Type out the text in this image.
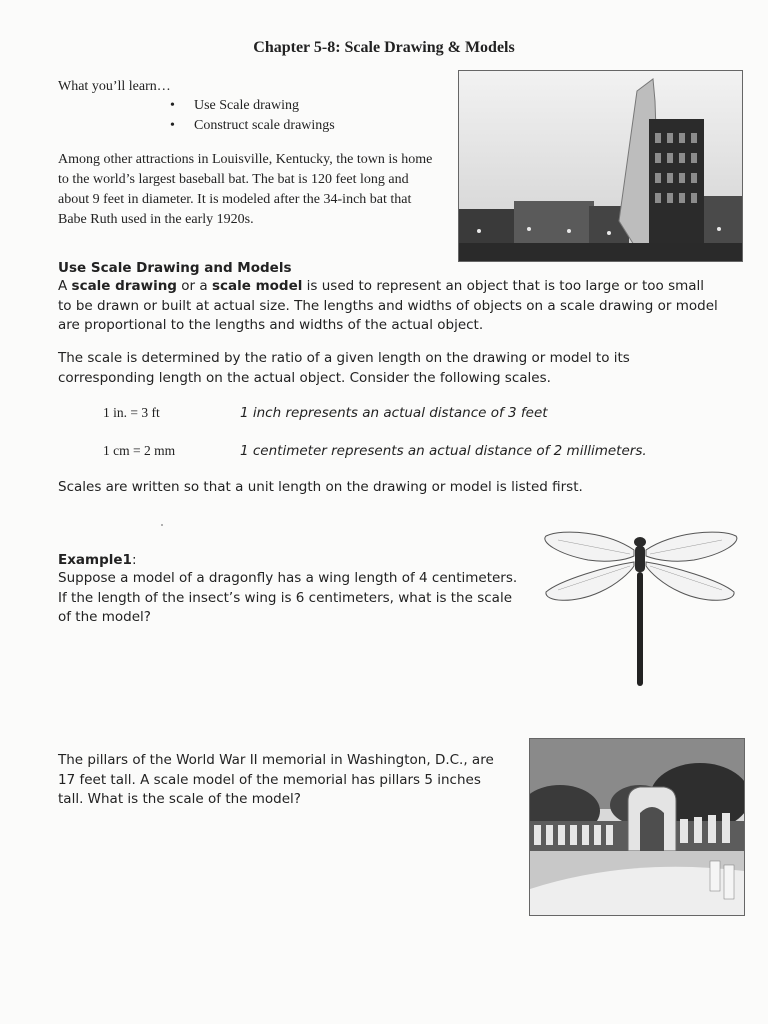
Chapter 5-8: Scale Drawing & Models
What you’ll learn…
• Use Scale drawing
• Construct scale drawings

Among other attractions in Louisville, Kentucky, the town is home to the world’s largest baseball bat. The bat is 120 feet long and about 9 feet in diameter. It is modeled after the 34-inch bat that Babe Ruth used in the early 1920s.

Use Scale Drawing and Models

A scale drawing or a scale model is used to represent an object that is too large or too small to be drawn or built at actual size. The lengths and widths of objects on a scale drawing or model are proportional to the lengths and widths of the actual object.

The scale is determined by the ratio of a given length on the drawing or model to its corresponding length on the actual object. Consider the following scales.

1 in. = 3 ft	1 inch represents an actual distance of 3 feet
1 cm = 2 mm	1 centimeter represents an actual distance of 2 millimeters.
Scales are written so that a unit length on the drawing or model is listed first.
Example1:

Suppose a model of a dragonfly has a wing length of 4 centimeters. If the length of the insect’s wing is 6 centimeters, what is the scale of the model?

The pillars of the World War II memorial in Washington, D.C., are 17 feet tall. A scale model of the memorial has pillars 5 inches tall. What is the scale of the model?
